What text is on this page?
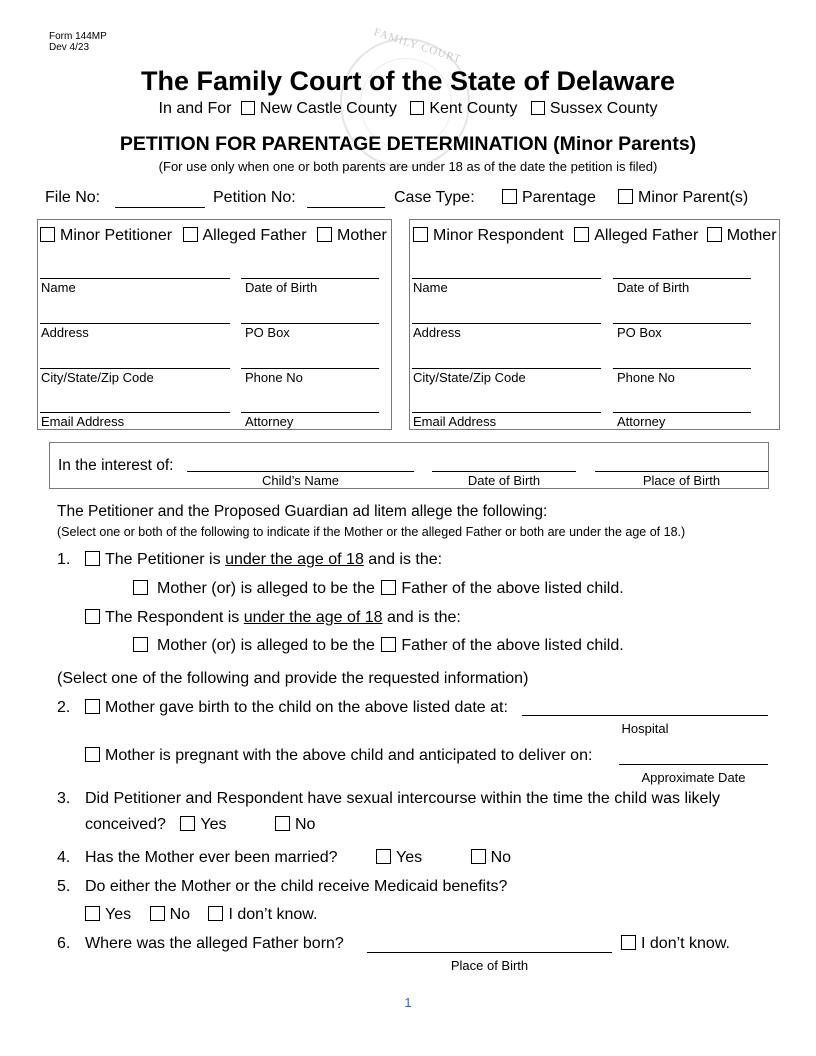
FAMILY COURT
Form 144MP
Dev 4/23
The Family Court of the State of Delaware
In and For New Castle County Kent County Sussex County
PETITION FOR PARENTAGE DETERMINATION (Minor Parents)
(For use only when one or both parents are under 18 as of the date the petition is filed)
File No:	Petition No:	Case Type:	Parentage	Minor Parent(s)
Minor Petitioner Alleged Father Mother
Name	Date of Birth
Address	PO Box
City/State/Zip Code	Phone No
Email Address	Attorney
Minor Respondent Alleged Father Mother
Name	Date of Birth
Address	PO Box
City/State/Zip Code	Phone No
Email Address	Attorney
In the interest of:
Child’s Name	Date of Birth	Place of Birth
The Petitioner and the Proposed Guardian ad litem allege the following:
(Select one or both of the following to indicate if the Mother or the alleged Father or both are under the age of 18.)
1.	The Petitioner is under the age of 18 and is the:
Mother (or) is alleged to be the Father of the above listed child.
The Respondent is under the age of 18 and is the:
Mother (or) is alleged to be the Father of the above listed child.
(Select one of the following and provide the requested information)
2.	Mother gave birth to the child on the above listed date at:
Hospital
Mother is pregnant with the above child and anticipated to deliver on:
Approximate Date
3. Did Petitioner and Respondent have sexual intercourse within the time the child was likely
conceived? Yes	No
4. Has the Mother ever been married?	Yes	No
5. Do either the Mother or the child receive Medicaid benefits?
Yes No I don’t know.
6. Where was the alleged Father born?
Place of Birth
I don’t know.
1
